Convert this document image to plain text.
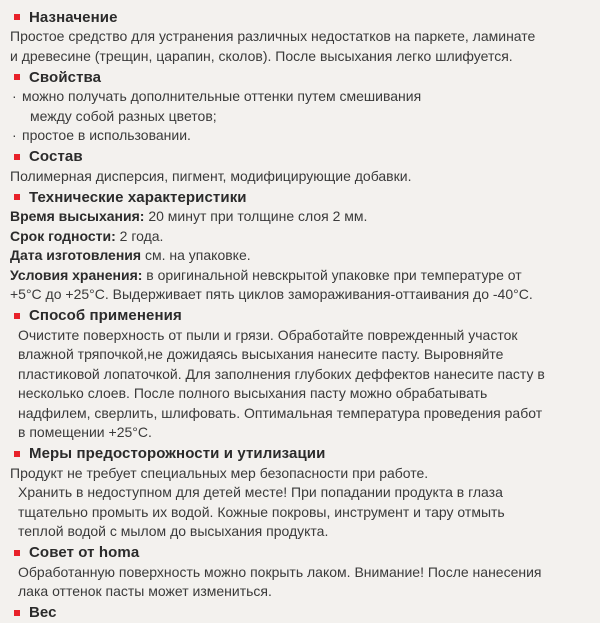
Назначение

Простое средство для устранения различных недостатков на паркете, ламинате

и древесине (трещин, царапин, сколов). После высыхания легко шлифуется.

Свойства
· можно получать дополнительные оттенки путем смешивания
между собой разных цветов;
· простое в использовании.
Состав

Полимерная дисперсия, пигмент, модифицирующие добавки.

Технические характеристики

Время высыхания: 20 минут при толщине слоя 2 мм.

Срок годности: 2 года.

Дата изготовления см. на упаковке.

Условия хранения: в оригинальной невскрытой упаковке при температуре от
+5°С до +25°С. Выдерживает пять циклов замораживания-оттаивания до -40°С.

Способ применения

Очистите поверхность от пыли и грязи. Обработайте поврежденный участок

влажной тряпочкой,не дожидаясь высыхания нанесите пасту. Выровняйте

пластиковой лопаточкой. Для заполнения глубоких деффектов нанесите пасту в

несколько слоев. После полного высыхания пасту можно обрабатывать

надфилем, сверлить, шлифовать. Оптимальная температура проведения работ

в помещении +25°С.

Меры предосторожности и утилизации

Продукт не требует специальных мер безопасности при работе.

Хранить в недоступном для детей месте! При попадании продукта в глаза

тщательно промыть их водой. Кожные покровы, инструмент и тару отмыть

теплой водой с мылом до высыхания продукта.

Совет от homa

Обработанную поверхность можно покрыть лаком. Внимание! После нанесения

лака оттенок пасты может измениться.

Вес
